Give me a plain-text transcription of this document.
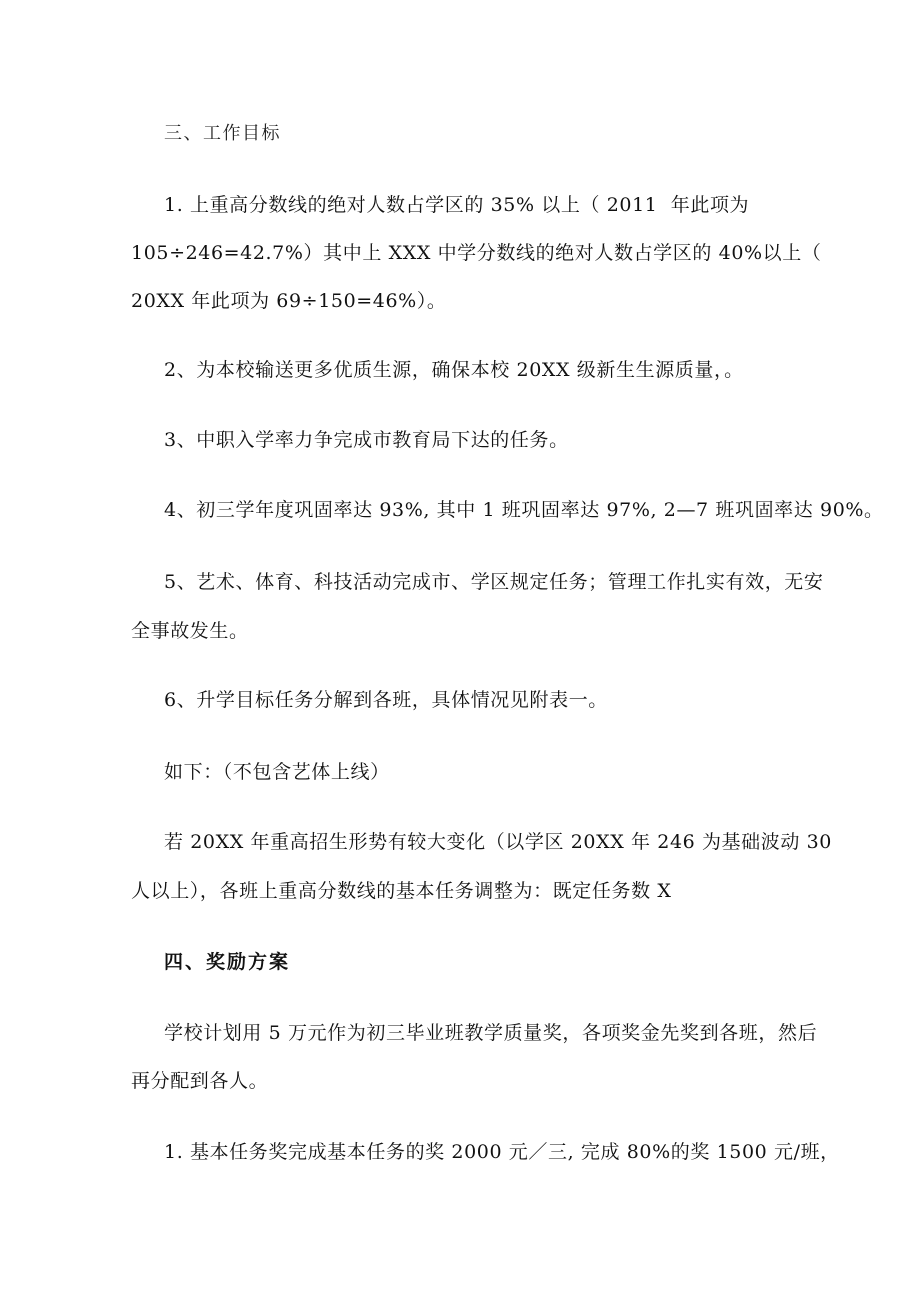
三、工作目标
1. 上重高分数线的绝对人数占学区的 35% 以上（ 2011  年此项为
105÷246=42.7%）其中上 XXX 中学分数线的绝对人数占学区的 40%以上（
20XX 年此项为 69÷150=46%）。
2、为本校输送更多优质生源，确保本校 20XX 级新生生源质量，。
3、中职入学率力争完成市教育局下达的任务。
4、初三学年度巩固率达 93%, 其中 1 班巩固率达 97%, 2—7 班巩固率达 90%。
5、艺术、体育、科技活动完成市、学区规定任务；管理工作扎实有效，无安
全事故发生。
6、升学目标任务分解到各班，具体情况见附表一。
如下：（不包含艺体上线）
若 20XX 年重高招生形势有较大变化（以学区 20XX 年 246 为基础波动 30
人以上），各班上重高分数线的基本任务调整为：既定任务数 X
四、奖励方案
学校计划用 5 万元作为初三毕业班教学质量奖，各项奖金先奖到各班，然后
再分配到各人。
1. 基本任务奖完成基本任务的奖 2000 元／三, 完成 80%的奖 1500 元/班，
